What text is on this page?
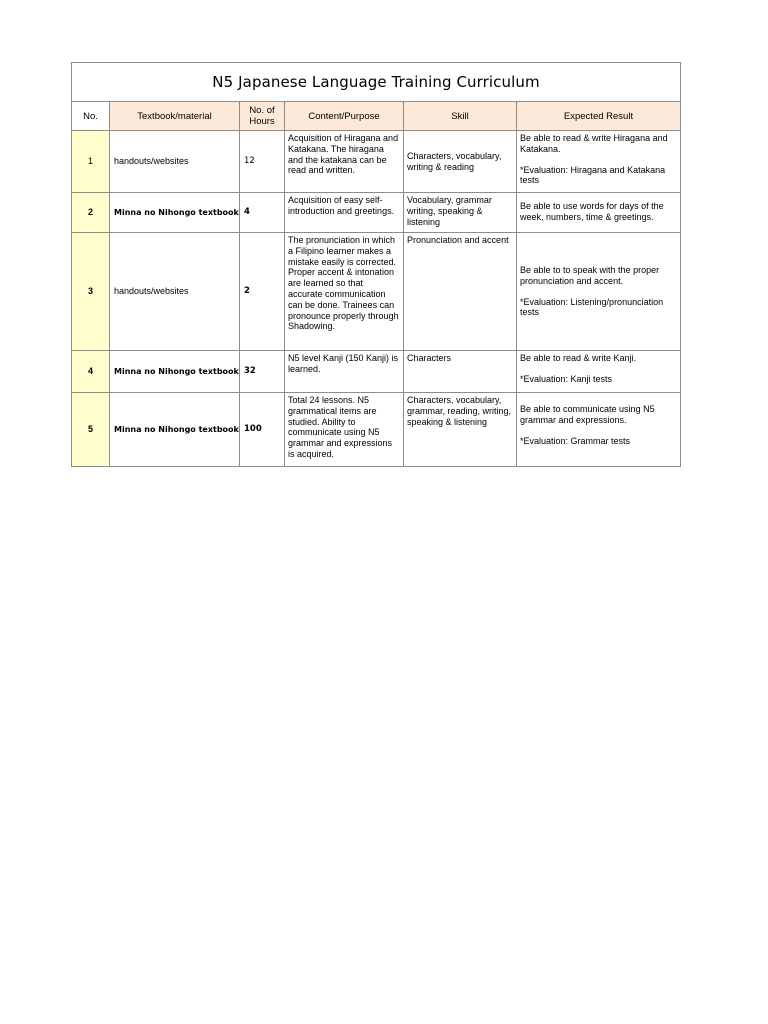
N5 Japanese Language Training Curriculum					
No.	Textbook/material	No. of Hours	Content/Purpose	Skill	Expected Result
1	handouts/websites	12	Acquisition of Hiragana and Katakana. The hiragana and the katakana can be read and written.	Characters, vocabulary, writing & reading	Be able to read & write Hiragana and Katakana.

*Evaluation: Hiragana and Katakana tests

2	Minna no Nihongo textbook	4	Acquisition of easy self-introduction and greetings.	Vocabulary, grammar writing, speaking & listening	Be able to use words for days of the week, numbers, time & greetings.

3	handouts/websites	2	The pronunciation in which a Filipino learner makes a mistake easily is corrected. Proper accent & intonation are learned so that accurate communication can be done. Trainees can pronounce properly through Shadowing.	Pronunciation and accent	Be able to to speak with the proper pronunciation and accent.

*Evaluation: Listening/pronunciation tests

4	Minna no Nihongo textbook	32	N5 level Kanji (150 Kanji) is learned.	Characters	Be able to read & write Kanji.

*Evaluation: Kanji tests

5	Minna no Nihongo textbook	100	Total 24 lessons. N5 grammatical items are studied. Ability to communicate using N5 grammar and expressions is acquired.	Characters, vocabulary, grammar, reading, writing, speaking & listening	Be able to communicate using N5 grammar and expressions.

*Evaluation: Grammar tests
